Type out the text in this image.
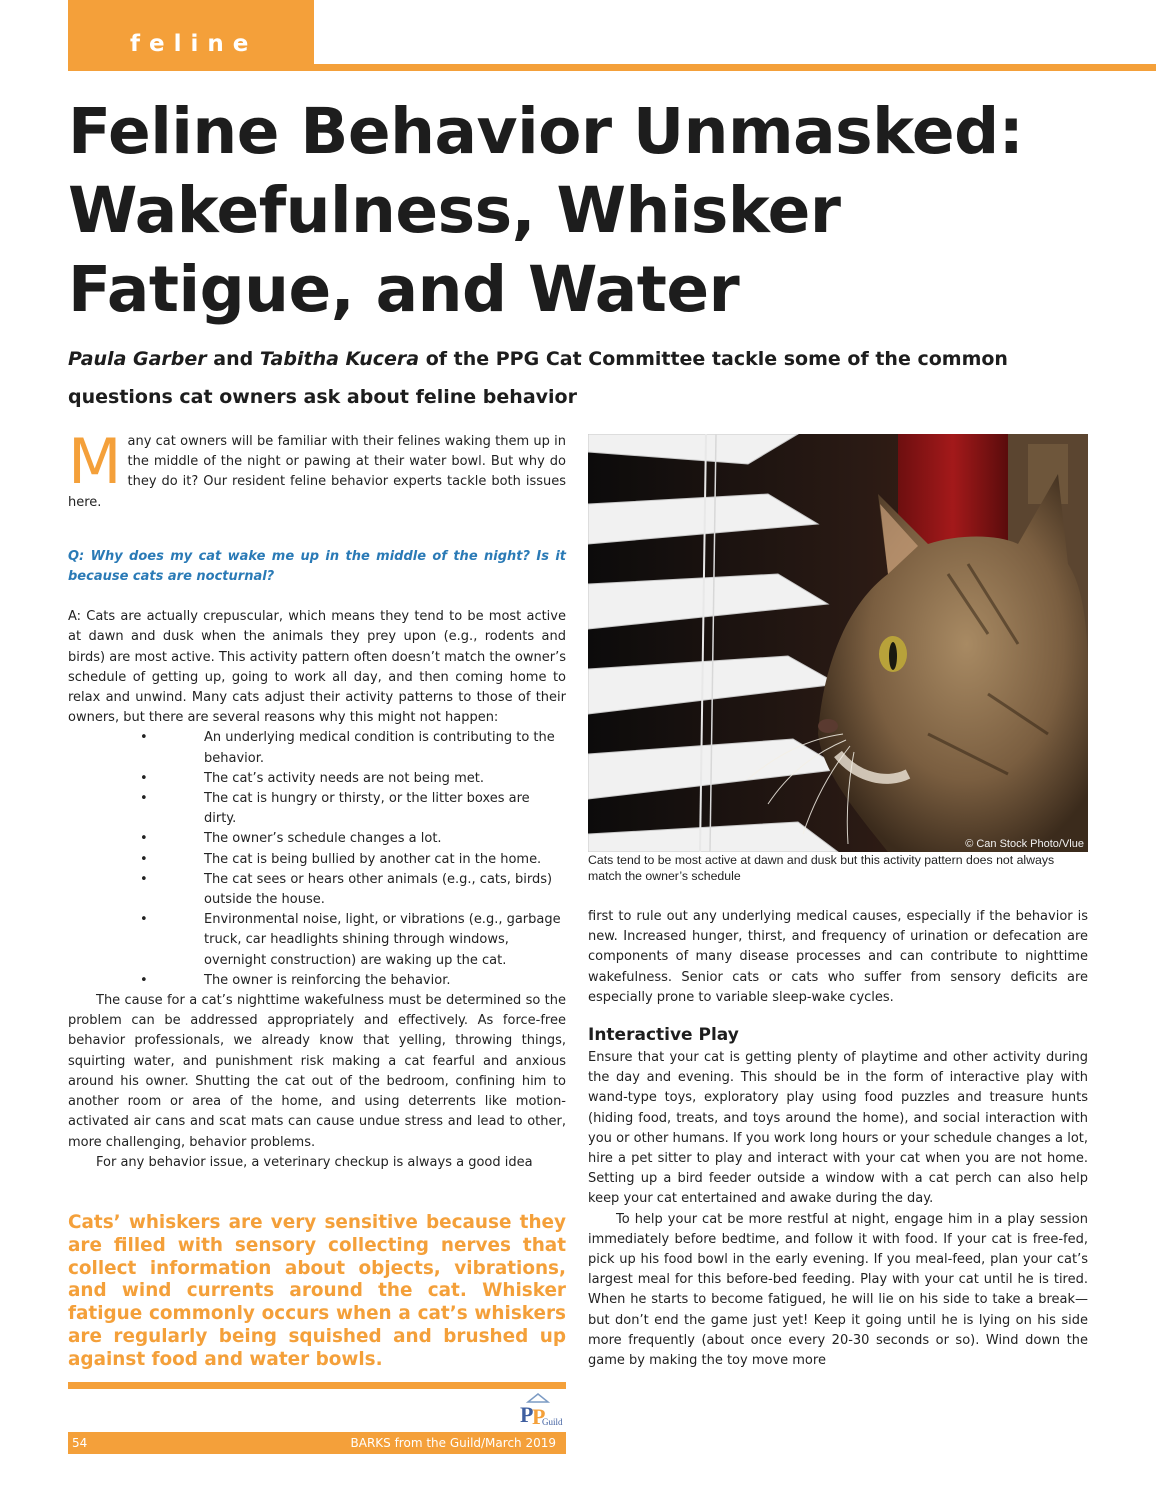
feline
Feline Behavior Unmasked: Wakefulness, Whisker Fatigue, and Water

Paula Garber and Tabitha Kucera of the PPG Cat Committee tackle some of the common questions cat owners ask about feline behavior

Many cat owners will be familiar with their felines waking them up in the middle of the night or pawing at their water bowl. But why do they do it? Our resident feline behavior experts tackle both issues here.

Q: Why does my cat wake me up in the middle of the night? Is it because cats are nocturnal?

A: Cats are actually crepuscular, which means they tend to be most active at dawn and dusk when the animals they prey upon (e.g., rodents and birds) are most active. This activity pattern often doesn’t match the owner’s schedule of getting up, going to work all day, and then coming home to relax and unwind. Many cats adjust their activity patterns to those of their owners, but there are several reasons why this might not happen:

•	An underlying medical condition is contributing to the behavior.
•	The cat’s activity needs are not being met.
•	The cat is hungry or thirsty, or the litter boxes are dirty.
•	The owner’s schedule changes a lot.
•	The cat is being bullied by another cat in the home.
•	The cat sees or hears other animals (e.g., cats, birds) outside the house.
•	Environmental noise, light, or vibrations (e.g., garbage truck, car headlights shining through windows, overnight construction) are waking up the cat.
•	The owner is reinforcing the behavior.

The cause for a cat’s nighttime wakefulness must be determined so the problem can be addressed appropriately and effectively. As force-free behavior professionals, we already know that yelling, throwing things, squirting water, and punishment risk making a cat fearful and anxious around his owner. Shutting the cat out of the bedroom, confining him to another room or area of the home, and using deterrents like motion-activated air cans and scat mats can cause undue stress and lead to other, more challenging, behavior problems.

For any behavior issue, a veterinary checkup is always a good idea

Cats’ whiskers are very sensitive because they are filled with sensory collecting nerves that collect information about objects, vibrations, and wind currents around the cat. Whisker fatigue commonly occurs when a cat’s whiskers are regularly being squished and brushed up against food and water bowls.

P
P
Guild
54	BARKS from the Guild/March 2019
© Can Stock Photo/Vlue

Cats tend to be most active at dawn and dusk but this activity pattern does not always match the owner’s schedule

first to rule out any underlying medical causes, especially if the behavior is new. Increased hunger, thirst, and frequency of urination or defecation are components of many disease processes and can contribute to nighttime wakefulness. Senior cats or cats who suffer from sensory deficits are especially prone to variable sleep-wake cycles.

Interactive Play

Ensure that your cat is getting plenty of playtime and other activity during the day and evening. This should be in the form of interactive play with wand-type toys, exploratory play using food puzzles and treasure hunts (hiding food, treats, and toys around the home), and social interaction with you or other humans. If you work long hours or your schedule changes a lot, hire a pet sitter to play and interact with your cat when you are not home. Setting up a bird feeder outside a window with a cat perch can also help keep your cat entertained and awake during the day.

To help your cat be more restful at night, engage him in a play session immediately before bedtime, and follow it with food. If your cat is free-fed, pick up his food bowl in the early evening. If you meal-feed, plan your cat’s largest meal for this before-bed feeding. Play with your cat until he is tired. When he starts to become fatigued, he will lie on his side to take a break—but don’t end the game just yet! Keep it going until he is lying on his side more frequently (about once every 20-30 seconds or so). Wind down the game by making the toy move more
